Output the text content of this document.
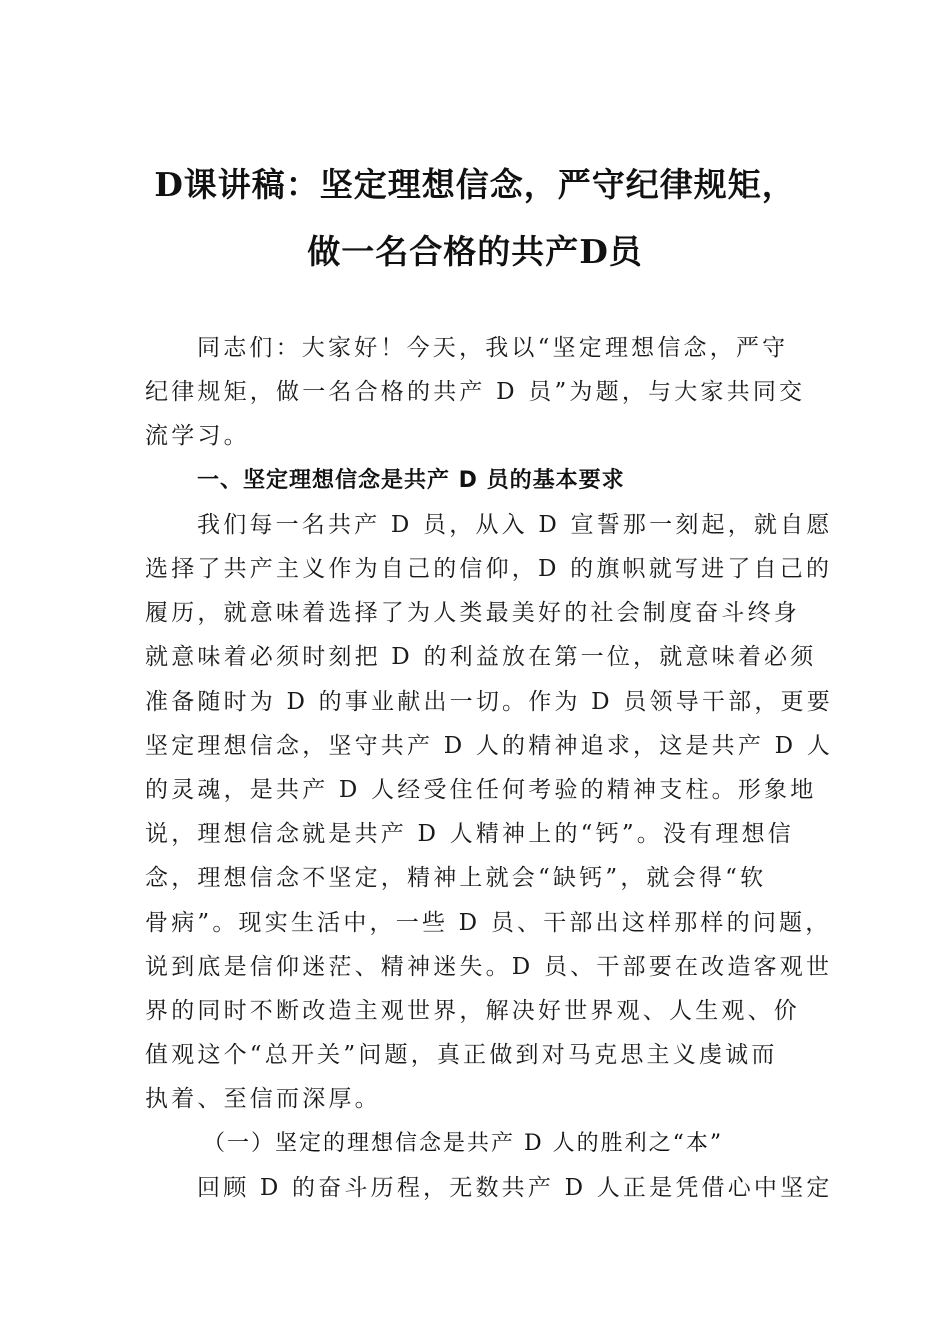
D课讲稿：坚定理想信念，严守纪律规矩，
做一名合格的共产D员

同志们：大家好！今天，我以“坚定理想信念，严守
纪律规矩，做一名合格的共产 D 员”为题，与大家共同交
流学习。

一、坚定理想信念是共产 D 员的基本要求

我们每一名共产 D 员，从入 D 宣誓那一刻起，就自愿
选择了共产主义作为自己的信仰，D 的旗帜就写进了自己的
履历，就意味着选择了为人类最美好的社会制度奋斗终身
就意味着必须时刻把 D 的利益放在第一位，就意味着必须
准备随时为 D 的事业献出一切。作为 D 员领导干部，更要
坚定理想信念，坚守共产 D 人的精神追求，这是共产 D 人
的灵魂，是共产 D 人经受住任何考验的精神支柱。形象地
说，理想信念就是共产 D 人精神上的“钙”。没有理想信
念，理想信念不坚定，精神上就会“缺钙”，就会得“软
骨病”。现实生活中，一些 D 员、干部出这样那样的问题，
说到底是信仰迷茫、精神迷失。D 员、干部要在改造客观世
界的同时不断改造主观世界，解决好世界观、人生观、价
值观这个“总开关”问题，真正做到对马克思主义虔诚而
执着、至信而深厚。

（一）坚定的理想信念是共产 D 人的胜利之“本”

回顾 D 的奋斗历程，无数共产 D 人正是凭借心中坚定
